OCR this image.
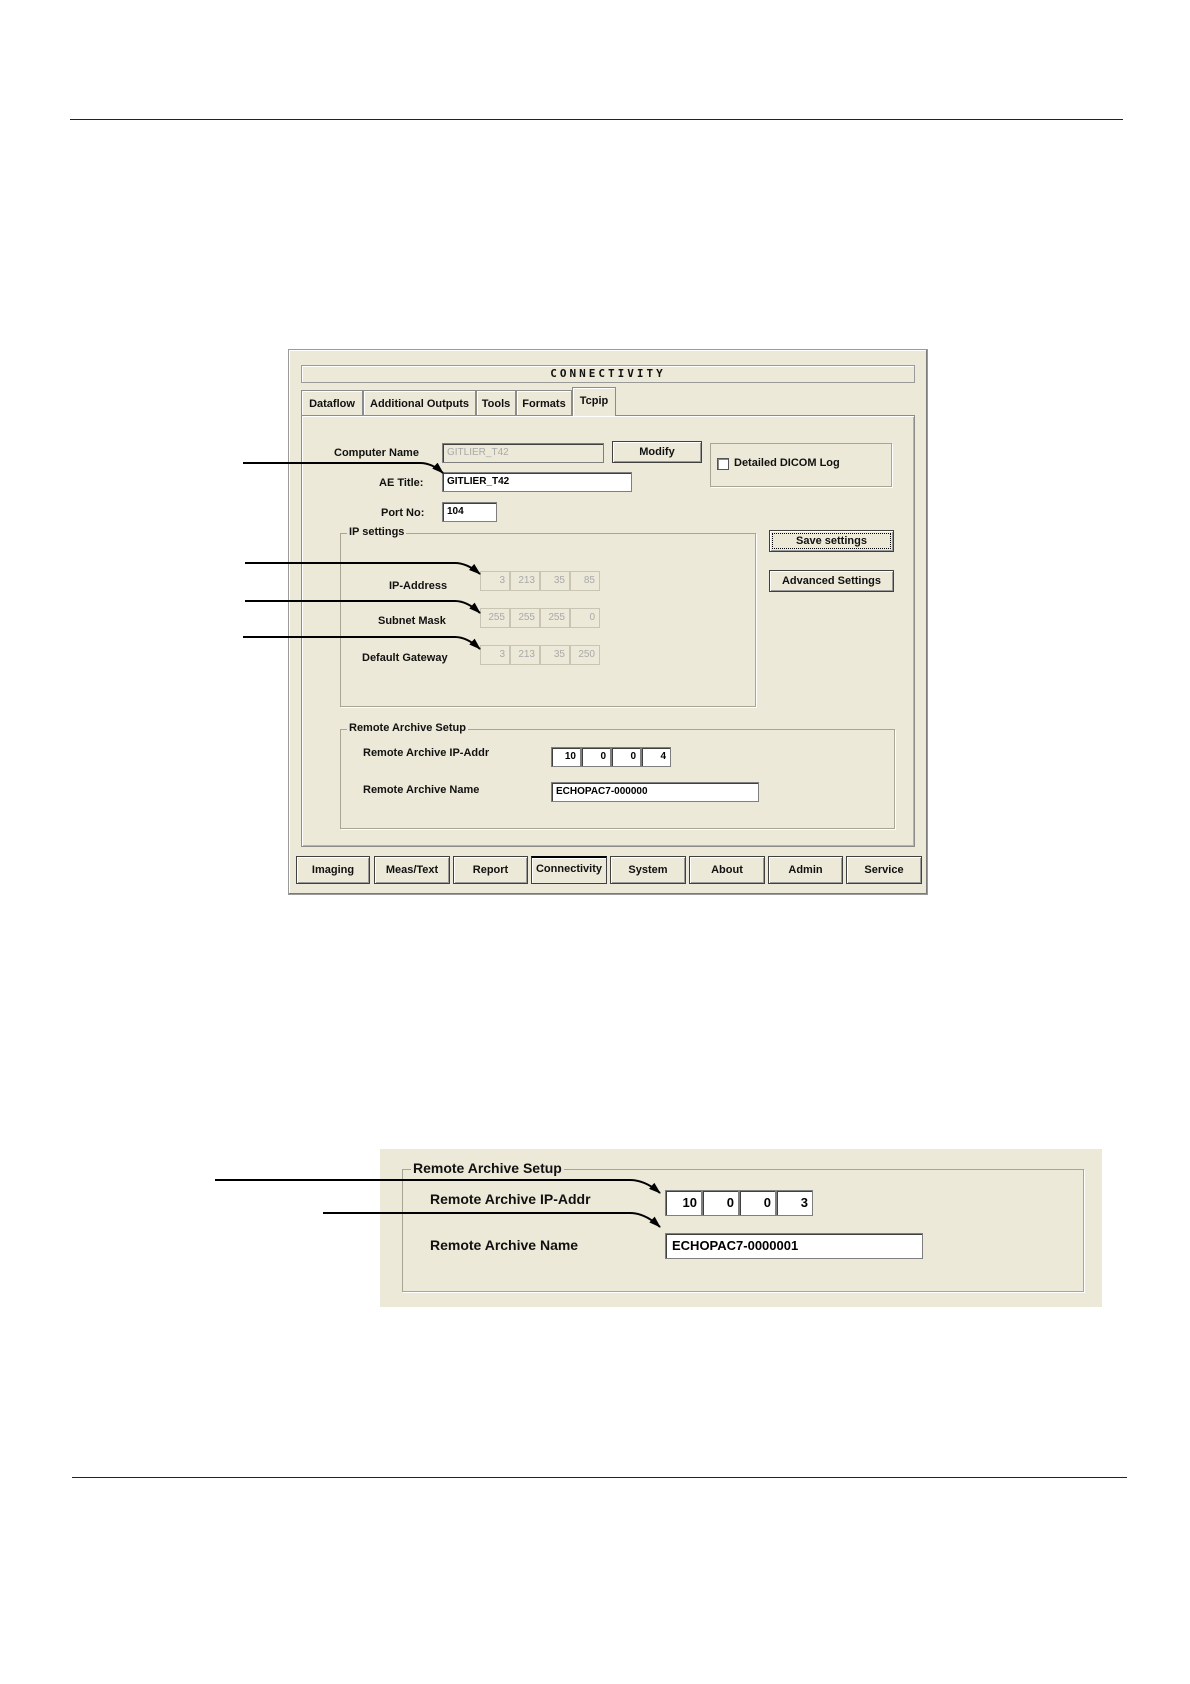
CONNECTIVITY
Dataflow	Additional Outputs	Tools	Formats	Tcpip
Computer Name	GITLIER_T42	Modify
Detailed DICOM Log
AE Title:	GITLIER_T42
Port No:	104
Save settings
Advanced Settings
IP settings
IP-Address	3	213	35	85
Subnet Mask	255	255	255	0
Default Gateway	3	213	35	250
Remote Archive Setup
Remote Archive IP-Addr	10	0	0	4
Remote Archive Name	ECHOPAC7-000000
Imaging	Meas/Text	Report	Connectivity	System	About	Admin	Service
Remote Archive Setup
Remote Archive IP-Addr	10	0	0	3
Remote Archive Name	ECHOPAC7-0000001
